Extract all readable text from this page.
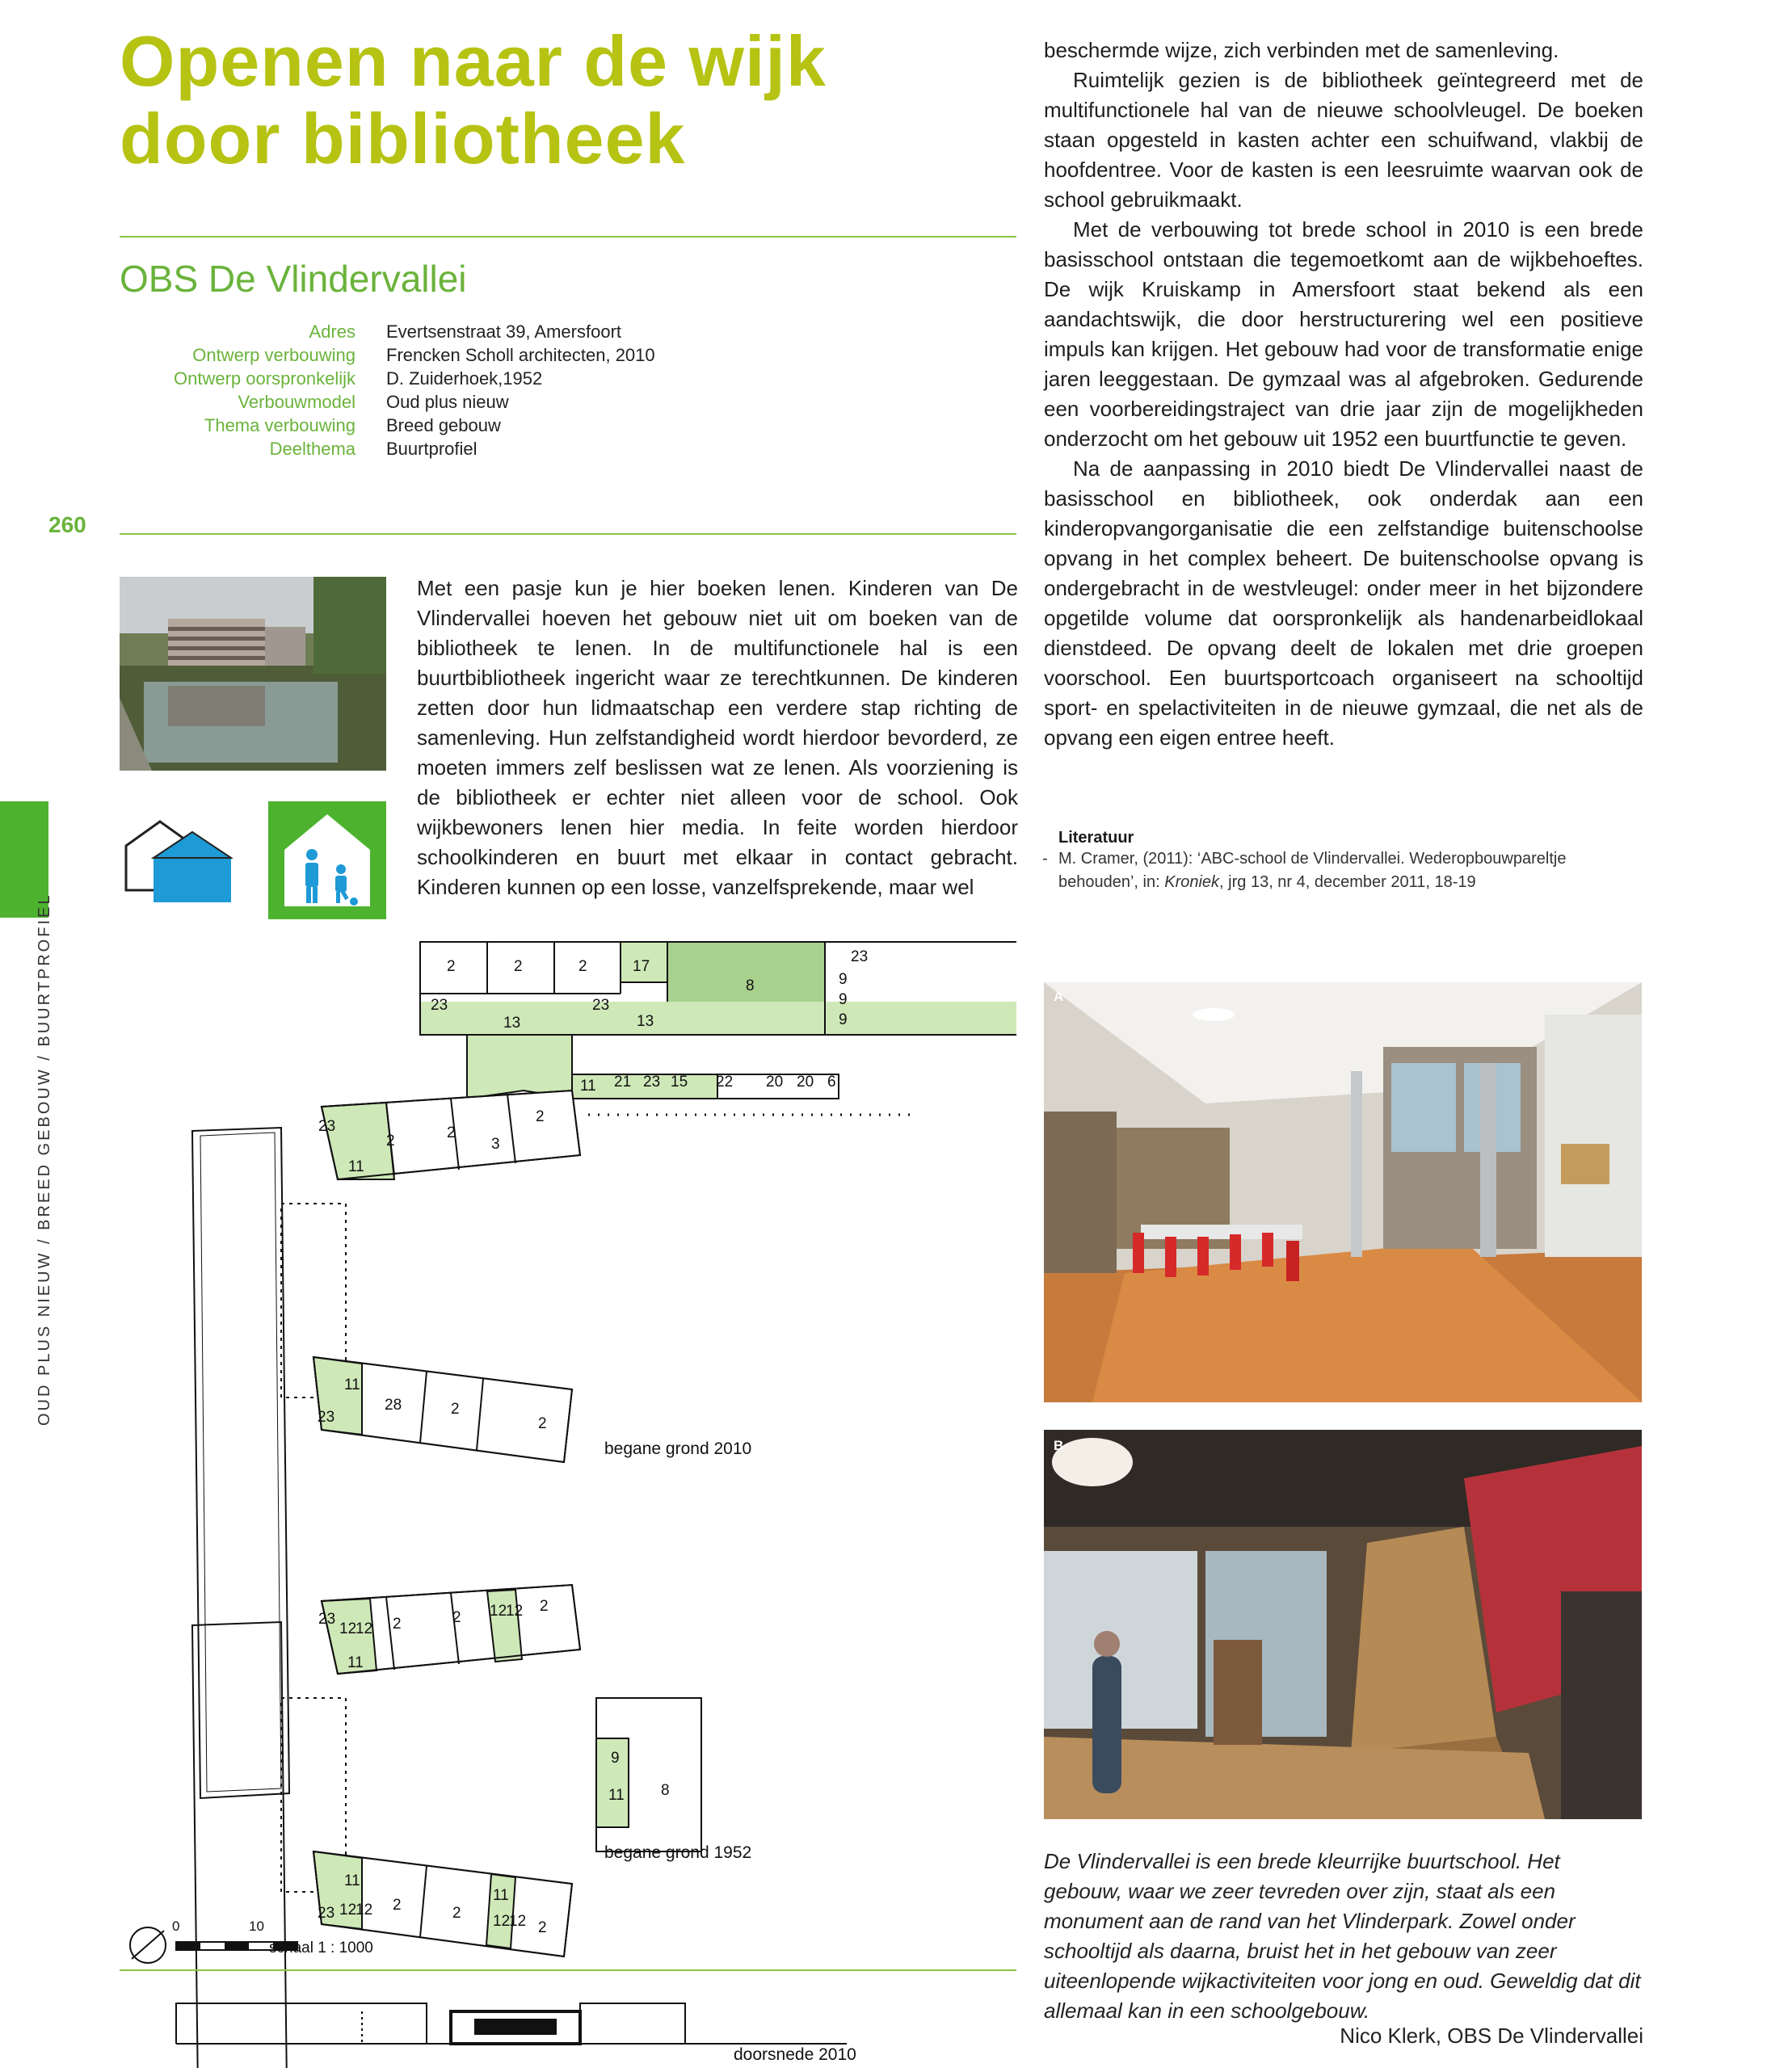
Openen naar de wijk
door bibliotheek
OBS De Vlindervallei
Adres	Evertsenstraat 39, Amersfoort
Ontwerp verbouwing	Frencken Scholl architecten, 2010
Ontwerp oorspronkelijk	D. Zuiderhoek,1952
Verbouwmodel	Oud plus nieuw
Thema verbouwing	Breed gebouw
Deelthema	Buurtprofiel
260
OUD PLUS NIEUW / BREED GEBOUW / BUURTPROFIEL

Met een pasje kun je hier boeken lenen. Kinderen van De Vlindervallei hoeven het gebouw niet uit om boeken van de bibliotheek te lenen. In de multifunctionele hal is een buurtbibliotheek ingericht waar ze terechtkunnen. De kinderen zetten door hun lidmaatschap een verdere stap richting de samenleving. Hun zelfstandigheid wordt hierdoor bevorderd, ze moeten immers zelf beslissen wat ze lenen. Als voorziening is de bibliotheek er echter niet alleen voor de school. Ook wijkbewoners lenen hier media. In feite worden hierdoor schoolkinderen en buurt met elkaar in contact gebracht. Kinderen kunnen op een losse, vanzelfsprekende, maar wel

beschermde wijze, zich verbinden met de samenleving.

Ruimtelijk gezien is de bibliotheek geïntegreerd met de multifunctionele hal van de nieuwe schoolvleugel. De boeken staan opgesteld in kasten achter een schuifwand, vlakbij de hoofdentree. Voor de kasten is een leesruimte waarvan ook de school gebruikmaakt.

Met de verbouwing tot brede school in 2010 is een brede basisschool ontstaan die tegemoetkomt aan de wijkbehoeftes. De wijk Kruiskamp in Amersfoort staat bekend als een aandachtswijk, die door herstructurering wel een positieve impuls kan krijgen. Het gebouw had voor de transformatie enige jaren leeggestaan. De gymzaal was al afgebroken. Gedurende een voorbereidingstraject van drie jaar zijn de mogelijkheden onderzocht om het gebouw uit 1952 een buurtfunctie te geven.

Na de aanpassing in 2010 biedt De Vlindervallei naast de basisschool en bibliotheek, ook onderdak aan een kinderopvangorganisatie die een zelfstandige buitenschoolse opvang in het complex beheert. De buitenschoolse opvang is ondergebracht in de westvleugel: onder meer in het bijzondere opgetilde volume dat oorspronkelijk als handenarbeidlokaal dienstdeed. De opvang deelt de lokalen met drie groepen voorschool. Een buurtsportcoach organiseert na schooltijd sport- en spelactiviteiten in de nieuwe gymzaal, die net als de opvang een eigen entree heeft.

Literatuur
- M. Cramer, (2011): ‘ABC-school de Vlindervallei. Wederopbouwpareltje behouden’, in: Kroniek, jrg 13, nr 4, december 2011, 18-19
A
B
De Vlindervallei is een brede kleurrijke buurtschool. Het gebouw, waar we zeer tevreden over zijn, staat als een monument aan de rand van het Vlinderpark. Zowel onder schooltijd als daarna, bruist het in het gebouw van zeer uiteenlopende wijkactiviteiten voor jong en oud. Geweldig dat dit allemaal kan in een schoolgebouw.
Nico Klerk, OBS De Vlindervallei
2	2	2	17
8
23
9
9
9
23	23
13	13
11 21 23 15 22 20 20 6
23
2	2
3
2
11
11
23
28	2
2
begane grond 2010
23
12
12 2	2 12
12 2
11
9
11 8
11
23 12
12 2	2
11
12
12 2
begane grond 1952
0	10
schaal 1 : 1000
doorsnede 2010
